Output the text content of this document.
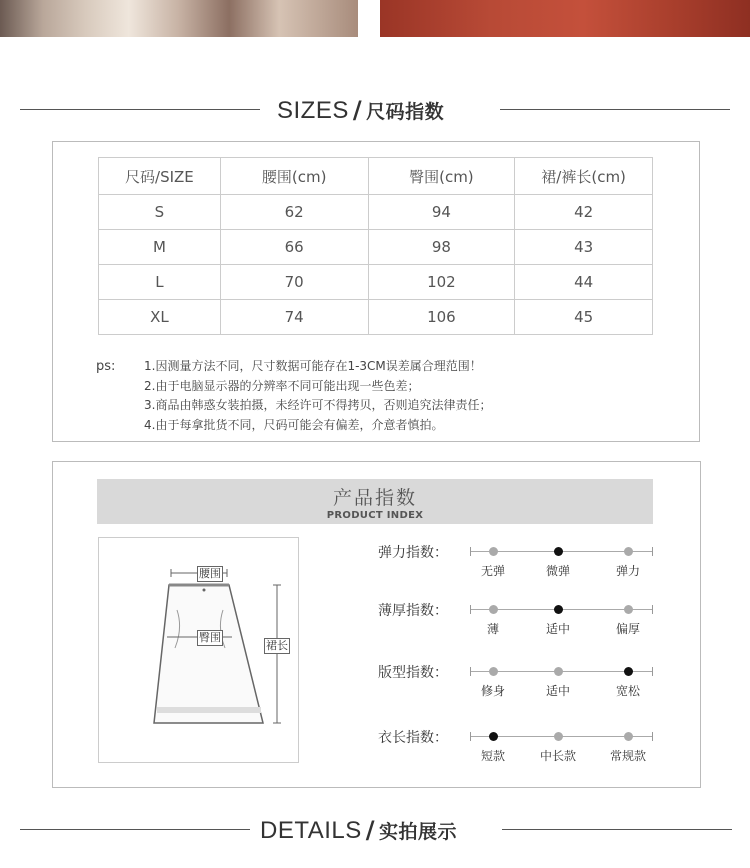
SIZES / 尺码指数
尺码/SIZE	腰围(cm)	臀围(cm)	裙/裤长(cm)
S	62	94	42
M	66	98	43
L	70	102	44
XL	74	106	45
ps: 1.因测量方法不同，尺寸数据可能存在1-3CM误差属合理范围！
2.由于电脑显示器的分辨率不同可能出现一些色差；
3.商品由韩惑女装拍摄，未经许可不得拷贝，否则追究法律责任；
4.由于每拿批货不同，尺码可能会有偏差，介意者慎拍。
产品指数
PRODUCT INDEX
腰围
臀围
裙长
弹力指数：
无弹	微弹	弹力
薄厚指数：
薄	适中	偏厚
版型指数：
修身	适中	宽松
衣长指数：
短款	中长款	常规款
DETAILS / 实拍展示
